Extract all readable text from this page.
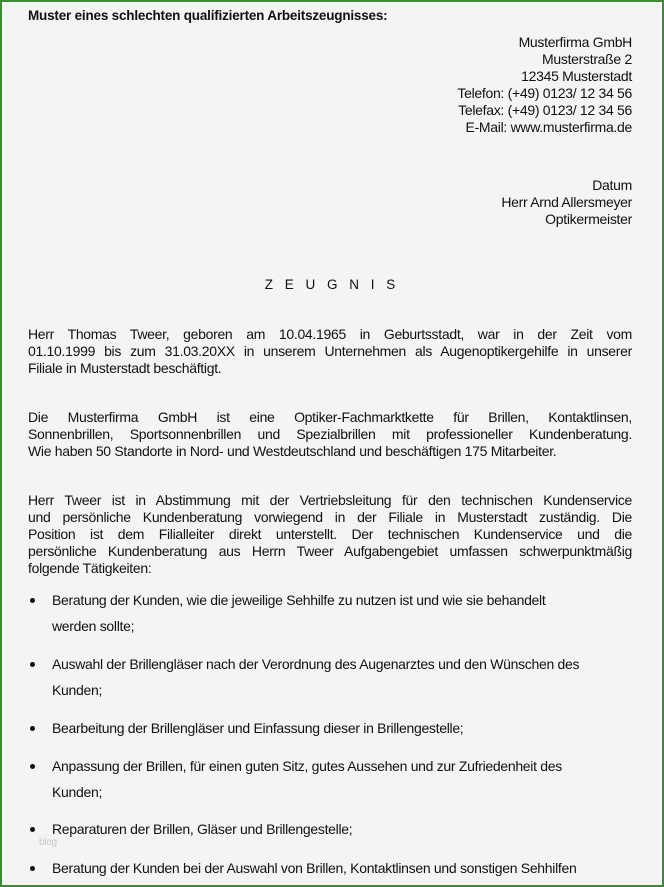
Muster eines schlechten qualifizierten Arbeitszeugnisses:
Musterfirma GmbH
Musterstraße 2
12345 Musterstadt
Telefon: (+49) 0123/ 12 34 56
Telefax: (+49) 0123/ 12 34 56
E-Mail: www.musterfirma.de
Datum
Herr Arnd Allersmeyer
Optikermeister
Z E U G N I S
Herr Thomas Tweer, geboren am 10.04.1965 in Geburtsstadt, war in der Zeit vom
01.10.1999 bis zum 31.03.20XX in unserem Unternehmen als Augenoptikergehilfe in unserer
Filiale in Musterstadt beschäftigt.
Die Musterfirma GmbH ist eine Optiker-Fachmarktkette für Brillen, Kontaktlinsen,
Sonnenbrillen, Sportsonnenbrillen und Spezialbrillen mit professioneller Kundenberatung.
Wie haben 50 Standorte in Nord- und Westdeutschland und beschäftigen 175 Mitarbeiter.
Herr Tweer ist in Abstimmung mit der Vertriebsleitung für den technischen Kundenservice
und persönliche Kundenberatung vorwiegend in der Filiale in Musterstadt zuständig. Die
Position ist dem Filialleiter direkt unterstellt. Der technischen Kundenservice und die
persönliche Kundenberatung aus Herrn Tweer Aufgabengebiet umfassen schwerpunktmäßig
folgende Tätigkeiten:
Beratung der Kunden, wie die jeweilige Sehhilfe zu nutzen ist und wie sie behandelt
werden sollte;
Auswahl der Brillengläser nach der Verordnung des Augenarztes und den Wünschen des
Kunden;
Bearbeitung der Brillengläser und Einfassung dieser in Brillengestelle;
Anpassung der Brillen, für einen guten Sitz, gutes Aussehen und zur Zufriedenheit des
Kunden;
Reparaturen der Brillen, Gläser und Brillengestelle;
Beratung der Kunden bei der Auswahl von Brillen, Kontaktlinsen und sonstigen Sehhilfen
blog
